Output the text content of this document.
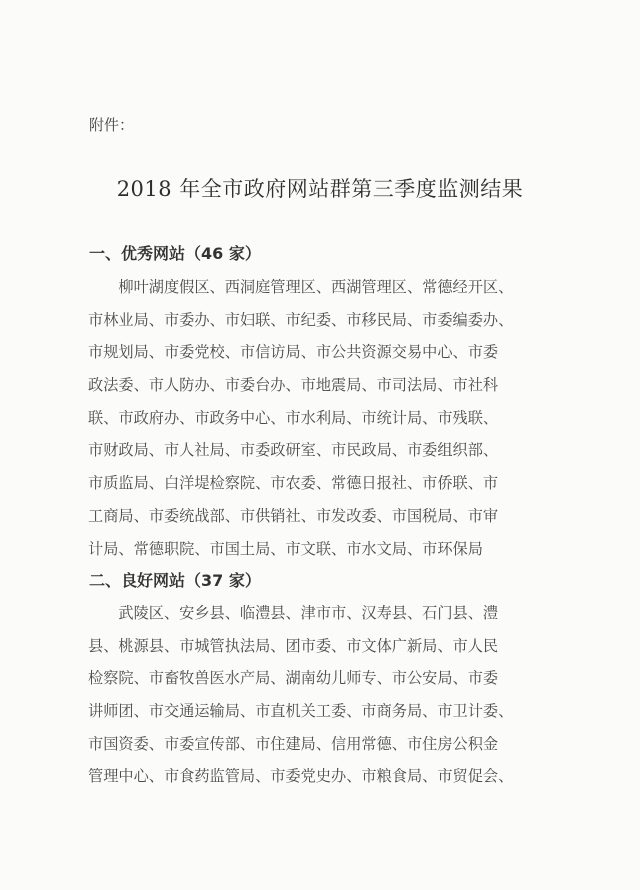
附件：
2018 年全市政府网站群第三季度监测结果
一、优秀网站（46 家）
　　柳叶湖度假区、西洞庭管理区、西湖管理区、常德经开区、
市林业局、市委办、市妇联、市纪委、市移民局、市委编委办、
市规划局、市委党校、市信访局、市公共资源交易中心、市委
政法委、市人防办、市委台办、市地震局、市司法局、市社科
联、市政府办、市政务中心、市水利局、市统计局、市残联、
市财政局、市人社局、市委政研室、市民政局、市委组织部、
市质监局、白洋堤检察院、市农委、常德日报社、市侨联、市
工商局、市委统战部、市供销社、市发改委、市国税局、市审
计局、常德职院、市国土局、市文联、市水文局、市环保局
二、良好网站（37 家）
　　武陵区、安乡县、临澧县、津市市、汉寿县、石门县、澧
县、桃源县、市城管执法局、团市委、市文体广新局、市人民
检察院、市畜牧兽医水产局、湖南幼儿师专、市公安局、市委
讲师团、市交通运输局、市直机关工委、市商务局、市卫计委、
市国资委、市委宣传部、市住建局、信用常德、市住房公积金
管理中心、市食药监管局、市委党史办、市粮食局、市贸促会、
